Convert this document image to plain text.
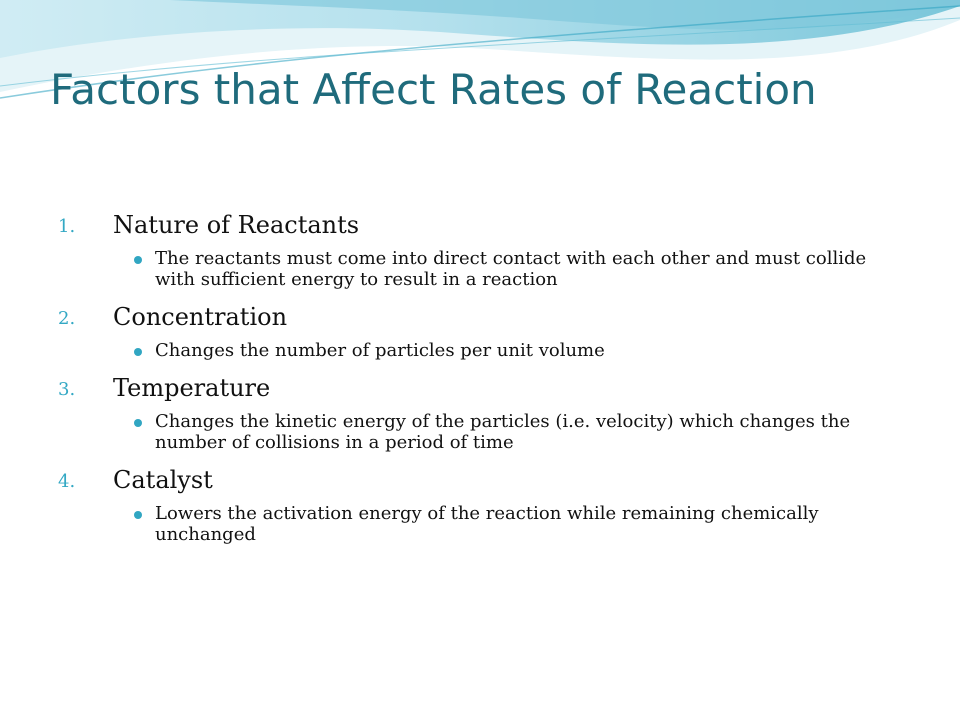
Factors that Affect Rates of Reaction
1. Nature of Reactants
The reactants must come into direct contact with each other and must collide with sufficient energy to result in a reaction
2. Concentration
Changes the number of particles per unit volume
3. Temperature
Changes the kinetic energy of the particles (i.e. velocity) which changes the number of collisions in a period of time
4. Catalyst
Lowers the activation energy of the reaction while remaining chemically unchanged
